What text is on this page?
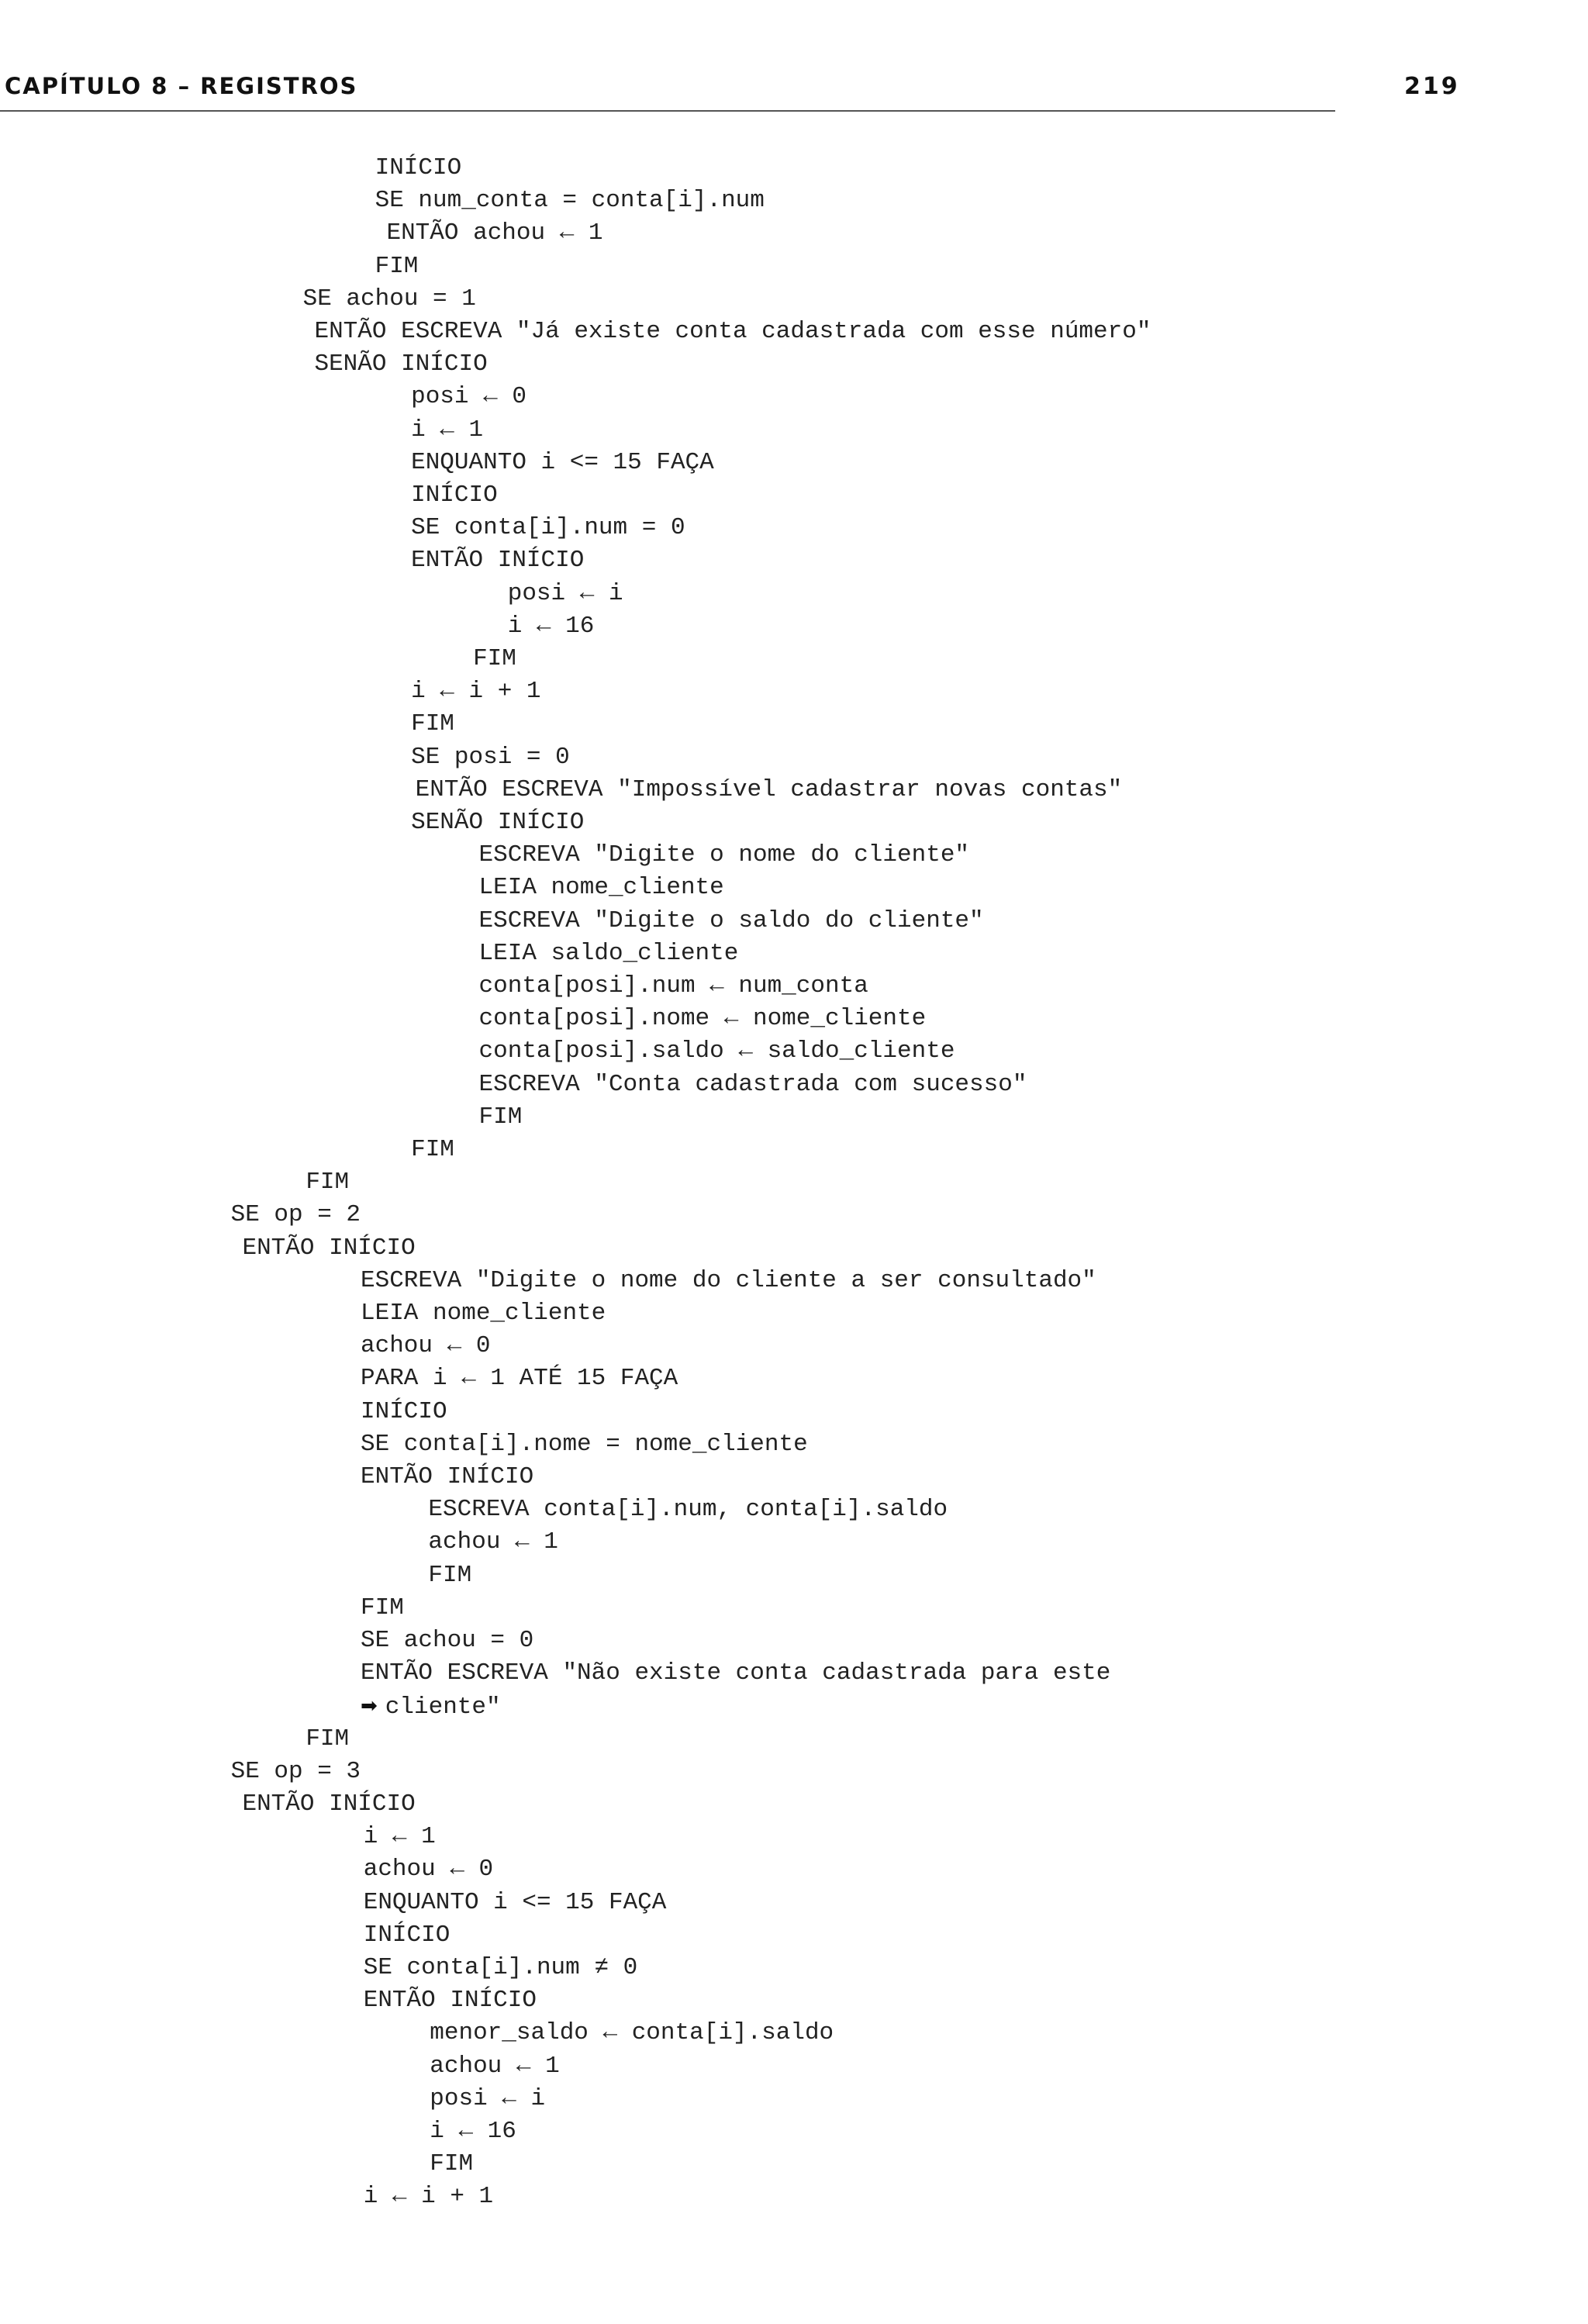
CAPÍTULO 8 – REGISTROS	219
INÍCIO
SE num_conta = conta[i].num
ENTÃO achou ← 1
FIM
SE achou = 1
ENTÃO ESCREVA "Já existe conta cadastrada com esse número"
SENÃO INÍCIO
posi ← 0
i ← 1
ENQUANTO i <= 15 FAÇA
INÍCIO
SE conta[i].num = 0
ENTÃO INÍCIO
posi ← i
i ← 16
FIM
i ← i + 1
FIM
SE posi = 0
ENTÃO ESCREVA "Impossível cadastrar novas contas"
SENÃO INÍCIO
ESCREVA "Digite o nome do cliente"
LEIA nome_cliente
ESCREVA "Digite o saldo do cliente"
LEIA saldo_cliente
conta[posi].num ← num_conta
conta[posi].nome ← nome_cliente
conta[posi].saldo ← saldo_cliente
ESCREVA "Conta cadastrada com sucesso"
FIM
FIM
FIM
SE op = 2
ENTÃO INÍCIO
ESCREVA "Digite o nome do cliente a ser consultado"
LEIA nome_cliente
achou ← 0
PARA i ← 1 ATÉ 15 FAÇA
INÍCIO
SE conta[i].nome = nome_cliente
ENTÃO INÍCIO
ESCREVA conta[i].num, conta[i].saldo
achou ← 1
FIM
FIM
SE achou = 0
ENTÃO ESCREVA "Não existe conta cadastrada para este
➡ cliente"
FIM
SE op = 3
ENTÃO INÍCIO
i ← 1
achou ← 0
ENQUANTO i <= 15 FAÇA
INÍCIO
SE conta[i].num ≠ 0
ENTÃO INÍCIO
menor_saldo ← conta[i].saldo
achou ← 1
posi ← i
i ← 16
FIM
i ← i + 1
